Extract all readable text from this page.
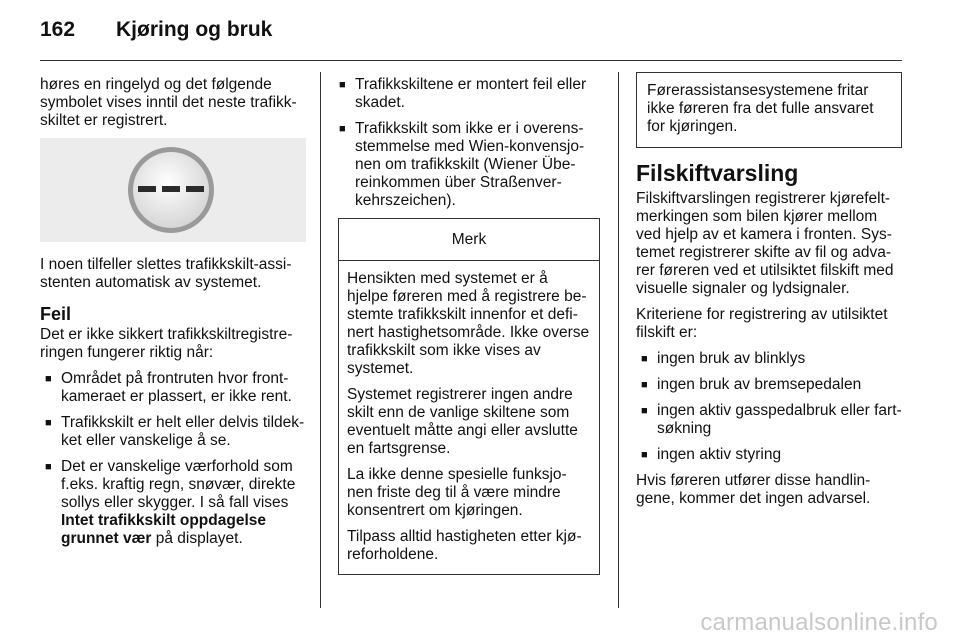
162 Kjøring og bruk

høres en ringelyd og det følgende symbolet vises inntil det neste trafikk-skiltet er registrert.

I noen tilfeller slettes trafikkskilt-assi-stenten automatisk av systemet.

Feil

Det er ikke sikkert trafikkskiltregistre-ringen fungerer riktig når:

■ Området på frontruten hvor front-kameraet er plassert, er ikke rent.
■ Trafikkskilt er helt eller delvis tildek-ket eller vanskelige å se.
■ Det er vanskelige værforhold som f.eks. kraftig regn, snøvær, direkte sollys eller skygger. I så fall vises Intet trafikkskilt oppdagelse grunnet vær på displayet.
■ Trafikkskiltene er montert feil eller skadet.
■ Trafikkskilt som ikke er i overens-stemmelse med Wien-konvensjo-nen om trafikkskilt (Wiener Übe-reinkommen über Straßenver-kehrszeichen).
Merk

Hensikten med systemet er å hjelpe føreren med å registrere be-stemte trafikkskilt innenfor et defi-nert hastighetsområde. Ikke overse trafikkskilt som ikke vises av systemet.

Systemet registrerer ingen andre skilt enn de vanlige skiltene som eventuelt måtte angi eller avslutte en fartsgrense.

La ikke denne spesielle funksjo-nen friste deg til å være mindre konsentrert om kjøringen.

Tilpass alltid hastigheten etter kjø-reforholdene.

Førerassistansesystemene fritar ikke føreren fra det fulle ansvaret for kjøringen.

Filskiftvarsling

Filskiftvarslingen registrerer kjørefelt-merkingen som bilen kjører mellom ved hjelp av et kamera i fronten. Sys-temet registrerer skifte av fil og adva-rer føreren ved et utilsiktet filskift med visuelle signaler og lydsignaler.

Kriteriene for registrering av utilsiktet filskift er:

■ ingen bruk av blinklys
■ ingen bruk av bremsepedalen
■ ingen aktiv gasspedalbruk eller fart-søkning
■ ingen aktiv styring

Hvis føreren utfører disse handlin-gene, kommer det ingen advarsel.

carmanualsonline.info
